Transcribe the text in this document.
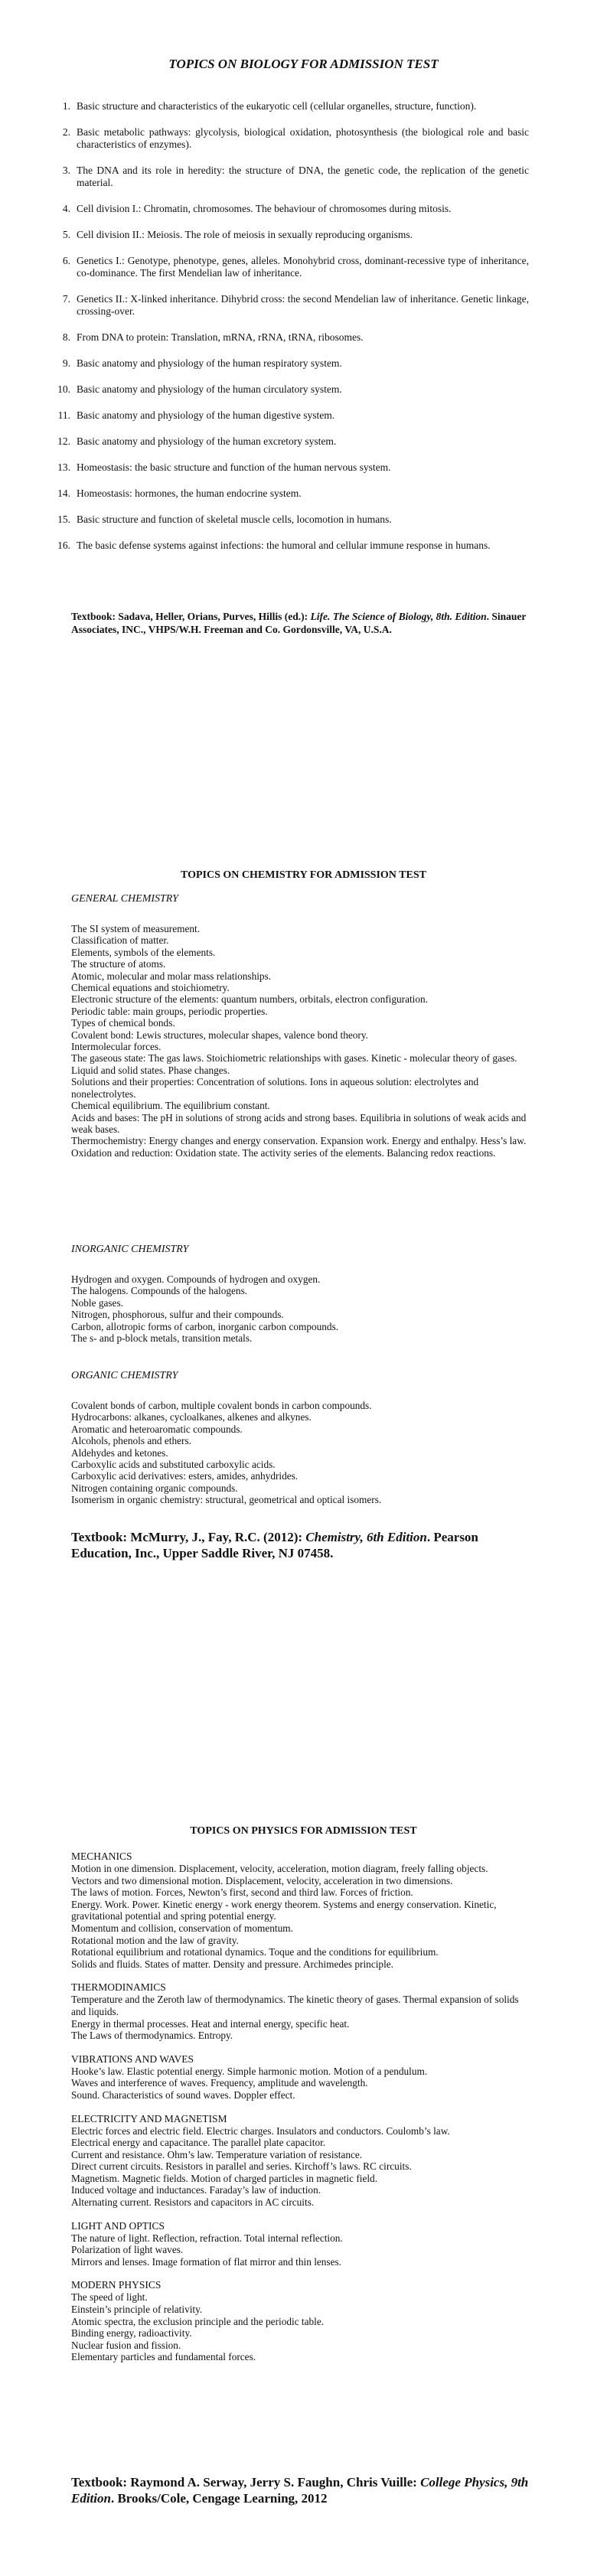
TOPICS ON BIOLOGY FOR ADMISSION TEST
1. Basic structure and characteristics of the eukaryotic cell (cellular organelles, structure, function).
2. Basic metabolic pathways: glycolysis, biological oxidation, photosynthesis (the biological role and basic characteristics of enzymes).
3. The DNA and its role in heredity: the structure of DNA, the genetic code, the replication of the genetic material.
4. Cell division I.: Chromatin, chromosomes. The behaviour of chromosomes during mitosis.
5. Cell division II.: Meiosis. The role of meiosis in sexually reproducing organisms.
6. Genetics I.: Genotype, phenotype, genes, alleles. Monohybrid cross, dominant-recessive type of inheritance, co-dominance. The first Mendelian law of inheritance.
7. Genetics II.: X-linked inheritance. Dihybrid cross: the second Mendelian law of inheritance. Genetic linkage, crossing-over.
8. From DNA to protein: Translation, mRNA, rRNA, tRNA, ribosomes.
9. Basic anatomy and physiology of the human respiratory system.
10. Basic anatomy and physiology of the human circulatory system.
11. Basic anatomy and physiology of the human digestive system.
12. Basic anatomy and physiology of the human excretory system.
13. Homeostasis: the basic structure and function of the human nervous system.
14. Homeostasis: hormones, the human endocrine system.
15. Basic structure and function of skeletal muscle cells, locomotion in humans.
16. The basic defense systems against infections: the humoral and cellular immune response in humans.

Textbook: Sadava, Heller, Orians, Purves, Hillis (ed.): Life. The Science of Biology, 8th. Edition. Sinauer Associates, INC., VHPS/W.H. Freeman and Co. Gordonsville, VA, U.S.A.

TOPICS ON CHEMISTRY FOR ADMISSION TEST

GENERAL CHEMISTRY

The SI system of measurement.
Classification of matter.
Elements, symbols of the elements.
The structure of atoms.
Atomic, molecular and molar mass relationships.
Chemical equations and stoichiometry.
Electronic structure of the elements: quantum numbers, orbitals, electron configuration.
Periodic table: main groups, periodic properties.
Types of chemical bonds.
Covalent bond: Lewis structures, molecular shapes, valence bond theory.
Intermolecular forces.
The gaseous state: The gas laws. Stoichiometric relationships with gases. Kinetic - molecular theory of gases.
Liquid and solid states. Phase changes.
Solutions and their properties: Concentration of solutions. Ions in aqueous solution: electrolytes and nonelectrolytes.
Chemical equilibrium. The equilibrium constant.
Acids and bases: The pH in solutions of strong acids and strong bases. Equilibria in solutions of weak acids and weak bases.
Thermochemistry: Energy changes and energy conservation. Expansion work. Energy and enthalpy. Hess’s law.
Oxidation and reduction: Oxidation state. The activity series of the elements. Balancing redox reactions.

INORGANIC CHEMISTRY

Hydrogen and oxygen. Compounds of hydrogen and oxygen.
The halogens. Compounds of the halogens.
Noble gases.
Nitrogen, phosphorous, sulfur and their compounds.
Carbon, allotropic forms of carbon, inorganic carbon compounds.
The s- and p-block metals, transition metals.

ORGANIC CHEMISTRY

Covalent bonds of carbon, multiple covalent bonds in carbon compounds.
Hydrocarbons: alkanes, cycloalkanes, alkenes and alkynes.
Aromatic and heteroaromatic compounds.
Alcohols, phenols and ethers.
Aldehydes and ketones.
Carboxylic acids and substituted carboxylic acids.
Carboxylic acid derivatives: esters, amides, anhydrides.
Nitrogen containing organic compounds.
Isomerism in organic chemistry: structural, geometrical and optical isomers.

Textbook: McMurry, J., Fay, R.C. (2012): Chemistry, 6th Edition. Pearson Education, Inc., Upper Saddle River, NJ 07458.

TOPICS ON PHYSICS FOR ADMISSION TEST

MECHANICS

Motion in one dimension. Displacement, velocity, acceleration, motion diagram, freely falling objects.
Vectors and two dimensional motion. Displacement, velocity, acceleration in two dimensions.
The laws of motion. Forces, Newton’s first, second and third law. Forces of friction.
Energy. Work. Power. Kinetic energy - work energy theorem. Systems and energy conservation. Kinetic, gravitational potential and spring potential energy.
Momentum and collision, conservation of momentum.
Rotational motion and the law of gravity.
Rotational equilibrium and rotational dynamics. Toque and the conditions for equilibrium.
Solids and fluids. States of matter. Density and pressure. Archimedes principle.

THERMODINAMICS

Temperature and the Zeroth law of thermodynamics. The kinetic theory of gases. Thermal expansion of solids and liquids.
Energy in thermal processes. Heat and internal energy, specific heat.
The Laws of thermodynamics. Entropy.

VIBRATIONS AND WAVES

Hooke’s law. Elastic potential energy. Simple harmonic motion. Motion of a pendulum.
Waves and interference of waves. Frequency, amplitude and wavelength.
Sound. Characteristics of sound waves. Doppler effect.

ELECTRICITY AND MAGNETISM

Electric forces and electric field. Electric charges. Insulators and conductors. Coulomb’s law.
Electrical energy and capacitance. The parallel plate capacitor.
Current and resistance. Ohm’s law. Temperature variation of resistance.
Direct current circuits. Resistors in parallel and series. Kirchoff’s laws. RC circuits.
Magnetism. Magnetic fields. Motion of charged particles in magnetic field.
Induced voltage and inductances. Faraday’s law of induction.
Alternating current. Resistors and capacitors in AC circuits.

LIGHT AND OPTICS

The nature of light. Reflection, refraction. Total internal reflection.
Polarization of light waves.
Mirrors and lenses. Image formation of flat mirror and thin lenses.

MODERN PHYSICS

The speed of light.
Einstein’s principle of relativity.
Atomic spectra, the exclusion principle and the periodic table.
Binding energy, radioactivity.
Nuclear fusion and fission.
Elementary particles and fundamental forces.

Textbook: Raymond A. Serway, Jerry S. Faughn, Chris Vuille: College Physics, 9th Edition. Brooks/Cole, Cengage Learning, 2012
